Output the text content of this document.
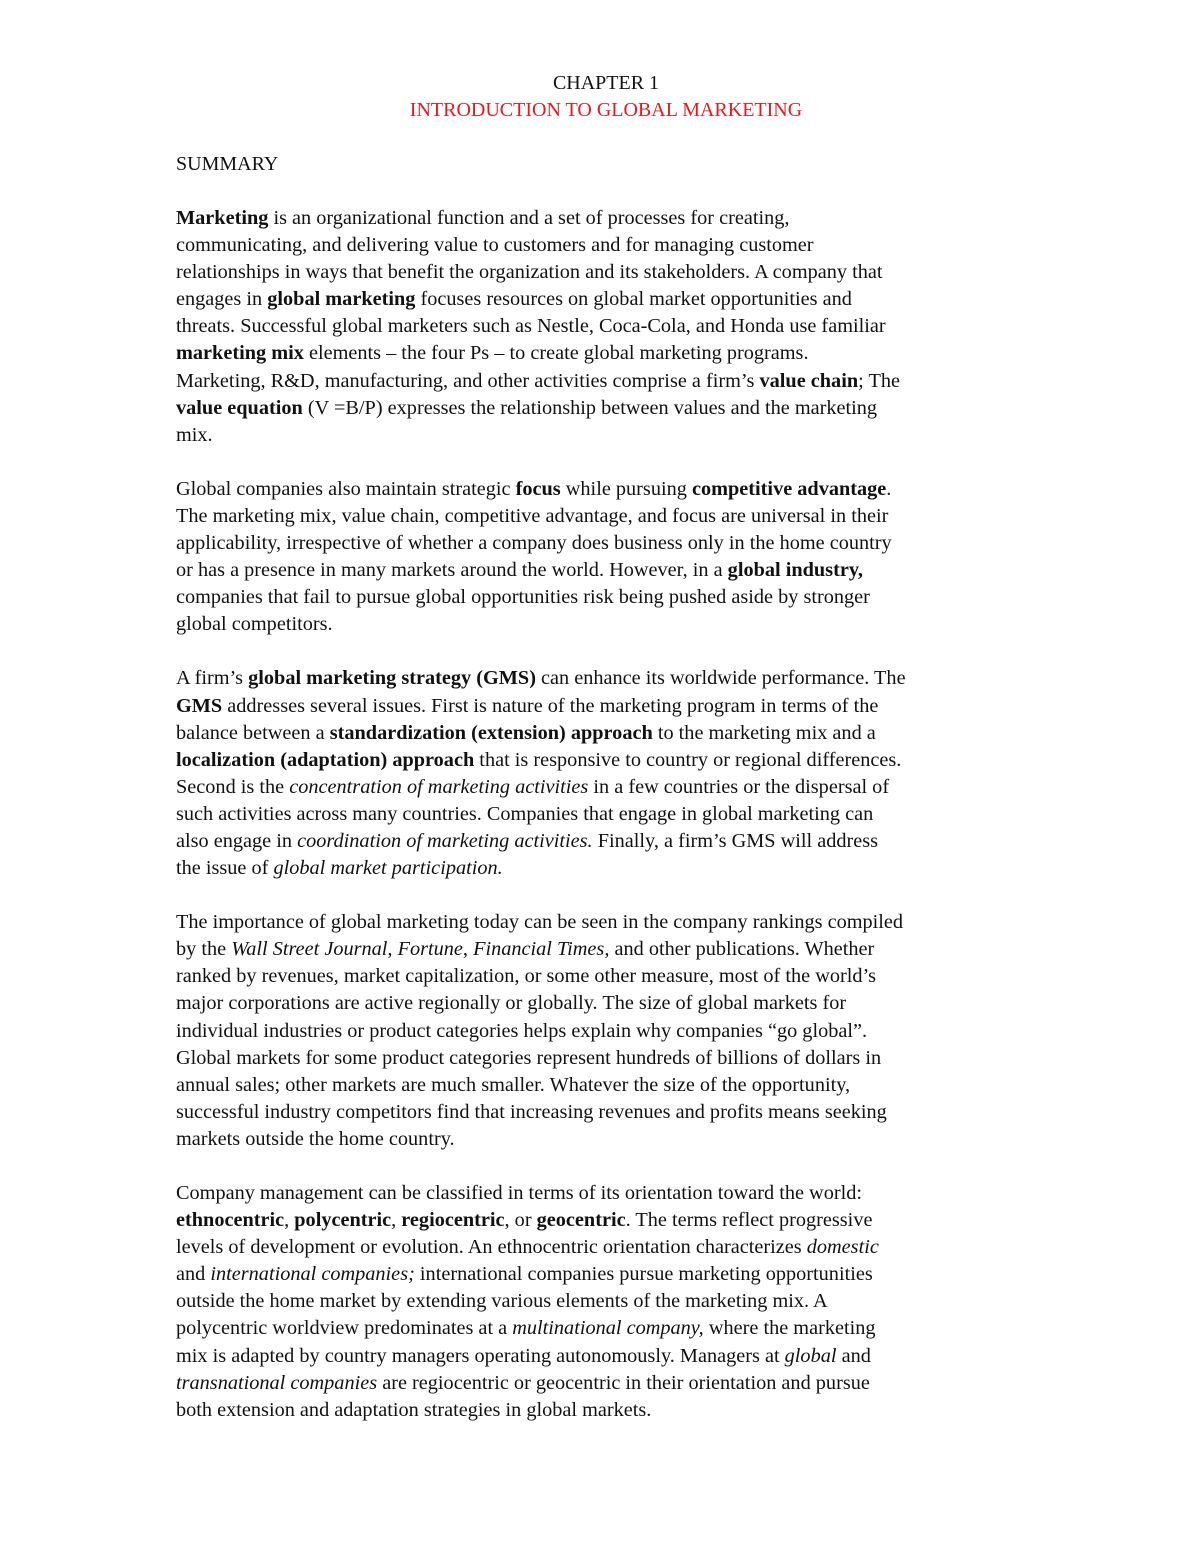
CHAPTER 1
INTRODUCTION TO GLOBAL MARKETING
SUMMARY

Marketing is an organizational function and a set of processes for creating,
communicating, and delivering value to customers and for managing customer
relationships in ways that benefit the organization and its stakeholders. A company that
engages in global marketing focuses resources on global market opportunities and
threats. Successful global marketers such as Nestle, Coca-Cola, and Honda use familiar
marketing mix elements – the four Ps – to create global marketing programs.
Marketing, R&D, manufacturing, and other activities comprise a firm’s value chain; The
value equation (V =B/P) expresses the relationship between values and the marketing
mix.

Global companies also maintain strategic focus while pursuing competitive advantage.
The marketing mix, value chain, competitive advantage, and focus are universal in their
applicability, irrespective of whether a company does business only in the home country
or has a presence in many markets around the world. However, in a global industry,
companies that fail to pursue global opportunities risk being pushed aside by stronger
global competitors.

A firm’s global marketing strategy (GMS) can enhance its worldwide performance. The
GMS addresses several issues. First is nature of the marketing program in terms of the
balance between a standardization (extension) approach to the marketing mix and a
localization (adaptation) approach that is responsive to country or regional differences.
Second is the concentration of marketing activities in a few countries or the dispersal of
such activities across many countries. Companies that engage in global marketing can
also engage in coordination of marketing activities. Finally, a firm’s GMS will address
the issue of global market participation.

The importance of global marketing today can be seen in the company rankings compiled
by the Wall Street Journal, Fortune, Financial Times, and other publications. Whether
ranked by revenues, market capitalization, or some other measure, most of the world’s
major corporations are active regionally or globally. The size of global markets for
individual industries or product categories helps explain why companies “go global”.
Global markets for some product categories represent hundreds of billions of dollars in
annual sales; other markets are much smaller. Whatever the size of the opportunity,
successful industry competitors find that increasing revenues and profits means seeking
markets outside the home country.

Company management can be classified in terms of its orientation toward the world:
ethnocentric, polycentric, regiocentric, or geocentric. The terms reflect progressive
levels of development or evolution. An ethnocentric orientation characterizes domestic
and international companies; international companies pursue marketing opportunities
outside the home market by extending various elements of the marketing mix. A
polycentric worldview predominates at a multinational company, where the marketing
mix is adapted by country managers operating autonomously. Managers at global and
transnational companies are regiocentric or geocentric in their orientation and pursue
both extension and adaptation strategies in global markets.
